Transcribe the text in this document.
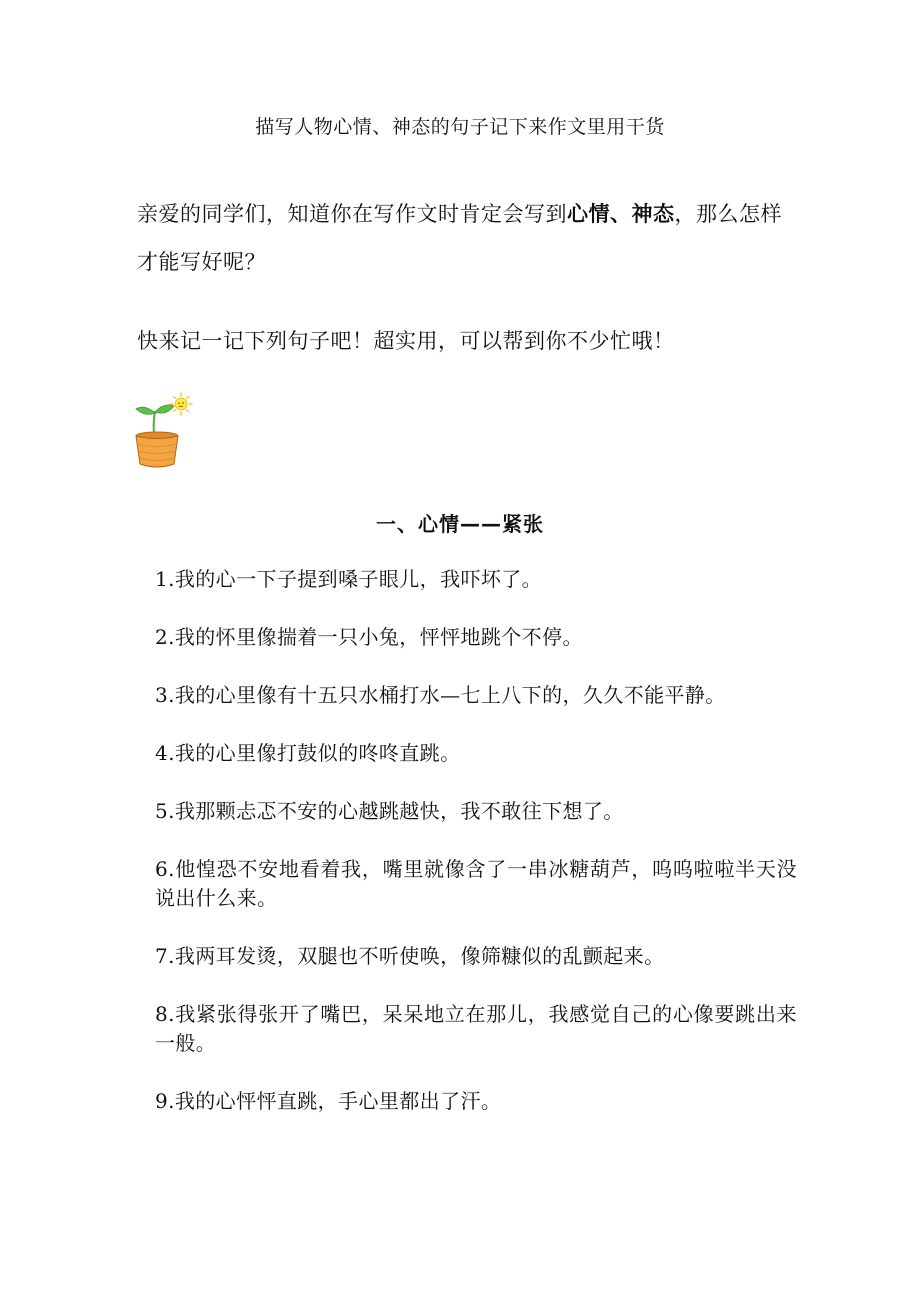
描写人物心情、神态的句子记下来作文里用干货

亲爱的同学们，知道你在写作文时肯定会写到心情、神态，那么怎样才能写好呢？

快来记一记下列句子吧！超实用，可以帮到你不少忙哦！

一、心情——紧张
1.我的心一下子提到嗓子眼儿，我吓坏了。
2.我的怀里像揣着一只小兔，怦怦地跳个不停。
3.我的心里像有十五只水桶打水—七上八下的，久久不能平静。
4.我的心里像打鼓似的咚咚直跳。
5.我那颗忐忑不安的心越跳越快，我不敢往下想了。
6.他惶恐不安地看着我，嘴里就像含了一串冰糖葫芦，呜呜啦啦半天没说出什么来。
7.我两耳发烫，双腿也不听使唤，像筛糠似的乱颤起来。
8.我紧张得张开了嘴巴，呆呆地立在那儿，我感觉自己的心像要跳出来一般。
9.我的心怦怦直跳，手心里都出了汗。
